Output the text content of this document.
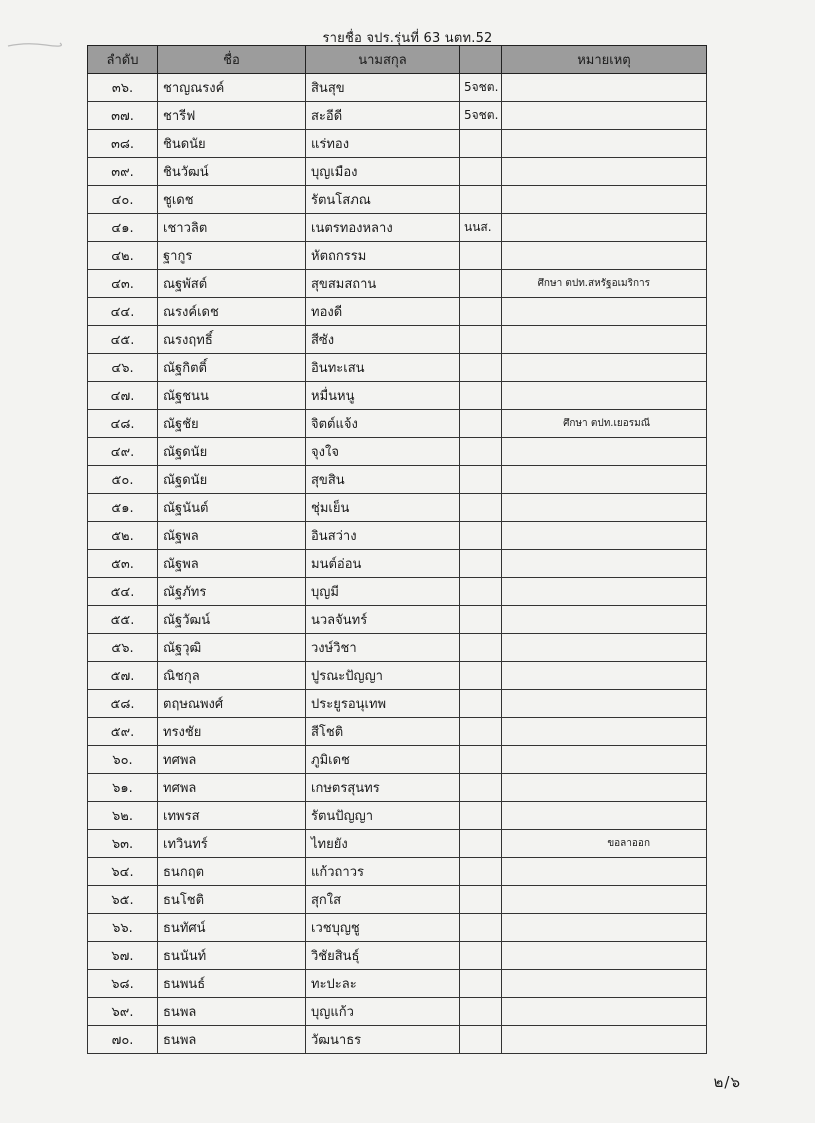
รายชื่อ จปร.รุ่นที่ 63 นตท.52
ลำดับ	ชื่อ	นามสกุล		หมายเหตุ
๓๖.	ชาญณรงค์	สินสุข	5จชต.	
๓๗.	ชารีฟ	สะอีดี	5จชต.	
๓๘.	ชินดนัย	แร่ทอง		
๓๙.	ชินวัฒน์	บุญเมือง		
๔๐.	ชูเดช	รัตนโสภณ		
๔๑.	เชาวลิต	เนตรทองหลาง	นนส.	
๔๒.	ฐากูร	หัตถกรรม		
๔๓.	ณฐพัสต์	สุขสมสถาน		ศึกษา ตปท.สหรัฐอเมริการ
๔๔.	ณรงค์เดช	ทองดี		
๔๕.	ณรงฤทธิ์	สีซัง		
๔๖.	ณัฐกิตติ์	อินทะเสน		
๔๗.	ณัฐชนน	หมื่นหนู		
๔๘.	ณัฐชัย	จิตต์แจ้ง		ศึกษา ตปท.เยอรมณี
๔๙.	ณัฐดนัย	จุงใจ		
๕๐.	ณัฐดนัย	สุขสิน		
๕๑.	ณัฐนันต์	ชุ่มเย็น		
๕๒.	ณัฐพล	อินสว่าง		
๕๓.	ณัฐพล	มนต์อ่อน		
๕๔.	ณัฐภัทร	บุญมี		
๕๕.	ณัฐวัฒน์	นวลจันทร์		
๕๖.	ณัฐวุฒิ	วงษ์วิชา		
๕๗.	ณิชกุล	ปูรณะปัญญา		
๕๘.	ตฤษณพงศ์	ประยูรอนุเทพ		
๕๙.	ทรงชัย	สีโชติ		
๖๐.	ทศพล	ภูมิเดช		
๖๑.	ทศพล	เกษตรสุนทร		
๖๒.	เทพรส	รัตนปัญญา		
๖๓.	เทวินทร์	ไทยยัง		ขอลาออก
๖๔.	ธนกฤต	แก้วถาวร		
๖๕.	ธนโชติ	สุกใส		
๖๖.	ธนทัศน์	เวชบุญชู		
๖๗.	ธนนันท์	วิชัยสินธุ์		
๖๘.	ธนพนธ์	ทะปะละ		
๖๙.	ธนพล	บุญแก้ว		
๗๐.	ธนพล	วัฒนาธร		
๒/๖
